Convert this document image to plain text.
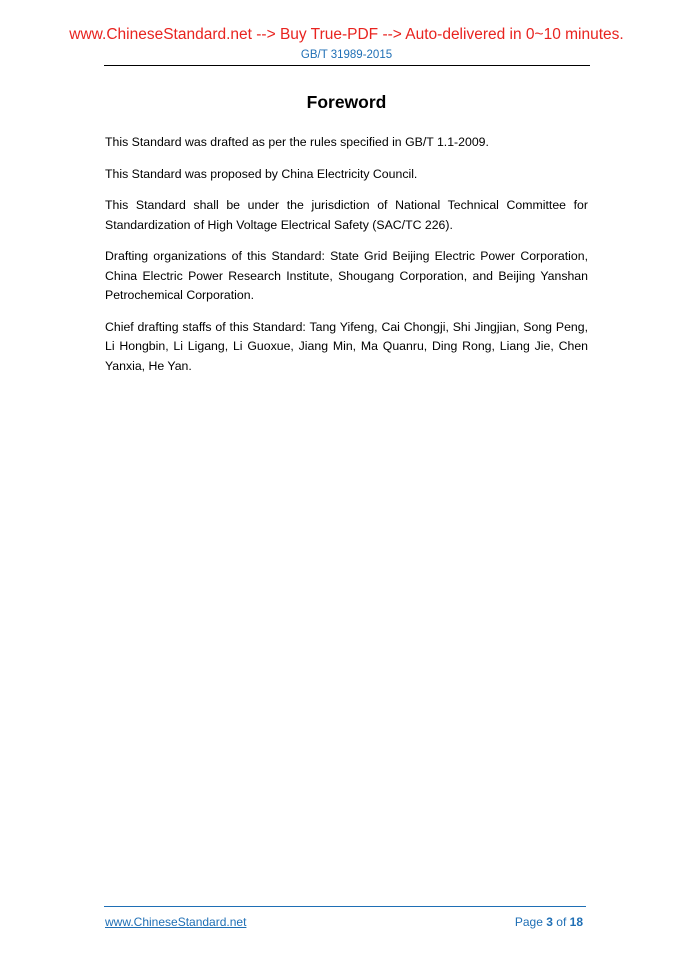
www.ChineseStandard.net --> Buy True-PDF --> Auto-delivered in 0~10 minutes.
GB/T 31989-2015
Foreword

This Standard was drafted as per the rules specified in GB/T 1.1-2009.

This Standard was proposed by China Electricity Council.

This Standard shall be under the jurisdiction of National Technical Committee for Standardization of High Voltage Electrical Safety (SAC/TC 226).

Drafting organizations of this Standard: State Grid Beijing Electric Power Corporation, China Electric Power Research Institute, Shougang Corporation, and Beijing Yanshan Petrochemical Corporation.

Chief drafting staffs of this Standard: Tang Yifeng, Cai Chongji, Shi Jingjian, Song Peng, Li Hongbin, Li Ligang, Li Guoxue, Jiang Min, Ma Quanru, Ding Rong, Liang Jie, Chen Yanxia, He Yan.

www.ChineseStandard.net	Page 3 of 18
